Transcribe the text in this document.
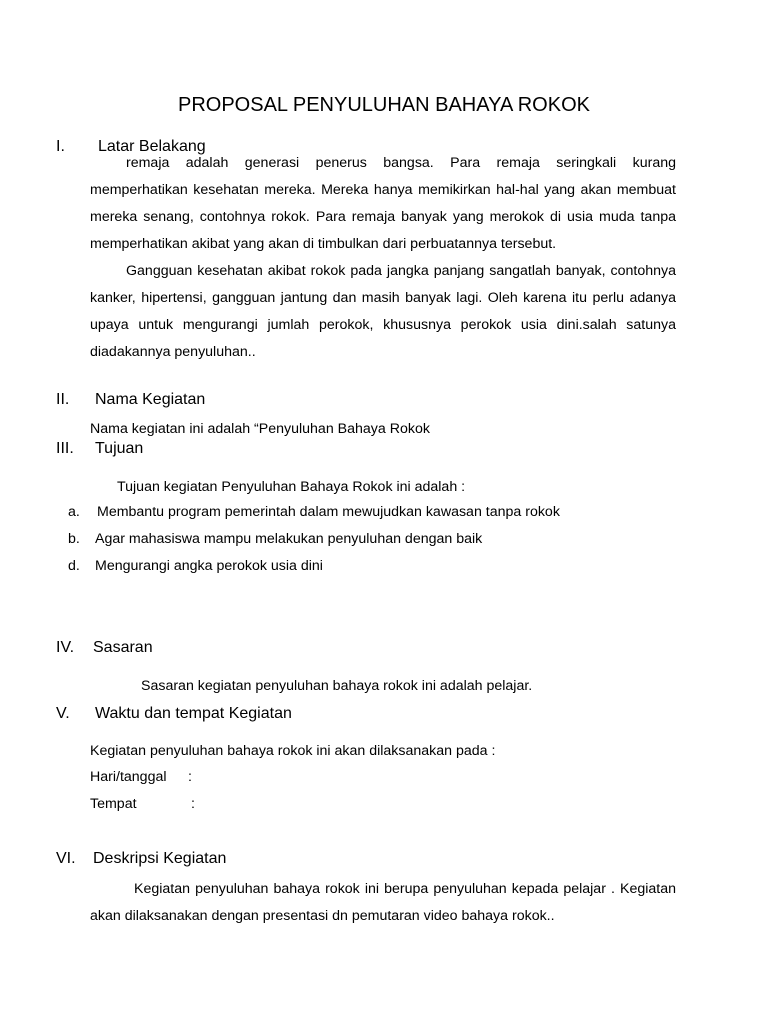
PROPOSAL PENYULUHAN BAHAYA ROKOK
I. Latar Belakang

remaja adalah generasi penerus bangsa. Para remaja seringkali kurang memperhatikan kesehatan mereka. Mereka hanya memikirkan hal-hal yang akan membuat mereka senang, contohnya rokok. Para remaja banyak yang merokok di usia muda tanpa memperhatikan akibat yang akan di timbulkan dari perbuatannya tersebut.

Gangguan kesehatan akibat rokok pada jangka panjang sangatlah banyak, contohnya kanker, hipertensi, gangguan jantung dan masih banyak lagi. Oleh karena itu perlu adanya upaya untuk mengurangi jumlah perokok, khususnya perokok usia dini.salah satunya diadakannya penyuluhan..

II. Nama Kegiatan
Nama kegiatan ini adalah “Penyuluhan Bahaya Rokok
III. Tujuan
Tujuan kegiatan Penyuluhan Bahaya Rokok ini adalah :
a. Membantu program pemerintah dalam mewujudkan kawasan tanpa rokok
b. Agar mahasiswa mampu melakukan penyuluhan dengan baik
d. Mengurangi angka perokok usia dini
IV. Sasaran
Sasaran kegiatan penyuluhan bahaya rokok ini adalah pelajar.
V. Waktu dan tempat Kegiatan
Kegiatan penyuluhan bahaya rokok ini akan dilaksanakan pada :
Hari/tanggal :
Tempat	:
VI. Deskripsi Kegiatan

Kegiatan penyuluhan bahaya rokok ini berupa penyuluhan kepada pelajar . Kegiatan akan dilaksanakan dengan presentasi dn pemutaran video bahaya rokok..
